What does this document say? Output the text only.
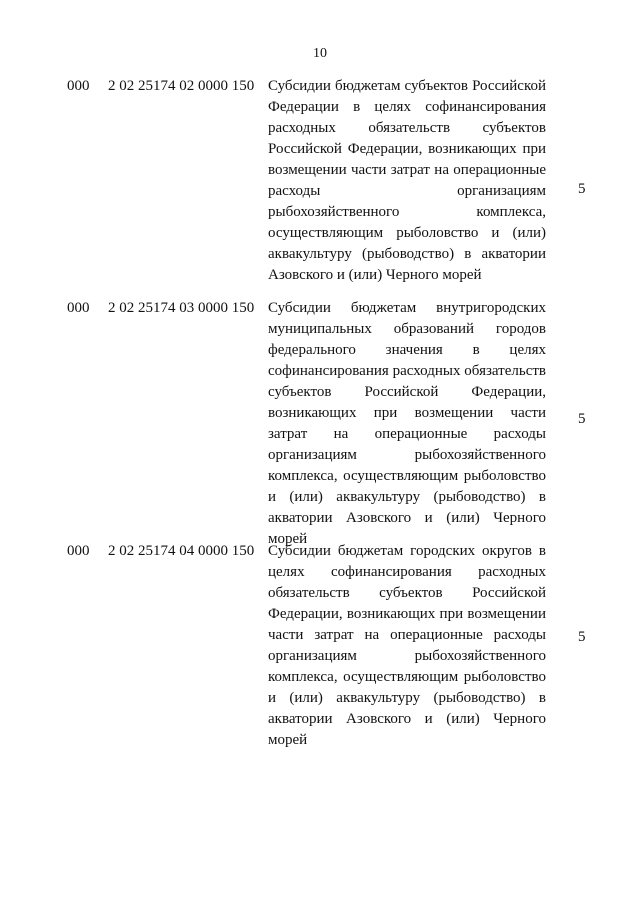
10
000 2 02 25174 02 0000 150 Субсидии бюджетам субъектов Российской Федерации в целях софинансирования расходных обязательств субъектов Российской Федерации, возникающих при возмещении части затрат на операционные расходы организациям рыбохозяйственного комплекса, осуществляющим рыболовство и (или) аквакультуру (рыбоводство) в акватории Азовского и (или) Черного морей
5
000 2 02 25174 03 0000 150 Субсидии бюджетам внутригородских муниципальных образований городов федерального значения в целях софинансирования расходных обязательств субъектов Российской Федерации, возникающих при возмещении части затрат на операционные расходы организациям рыбохозяйственного комплекса, осуществляющим рыболовство и (или) аквакультуру (рыбоводство) в акватории Азовского и (или) Черного морей
5
000 2 02 25174 04 0000 150 Субсидии бюджетам городских округов в целях софинансирования расходных обязательств субъектов Российской Федерации, возникающих при возмещении части затрат на операционные расходы организациям рыбохозяйственного комплекса, осуществляющим рыболовство и (или) аквакультуру (рыбоводство) в акватории Азовского и (или) Черного морей
5
